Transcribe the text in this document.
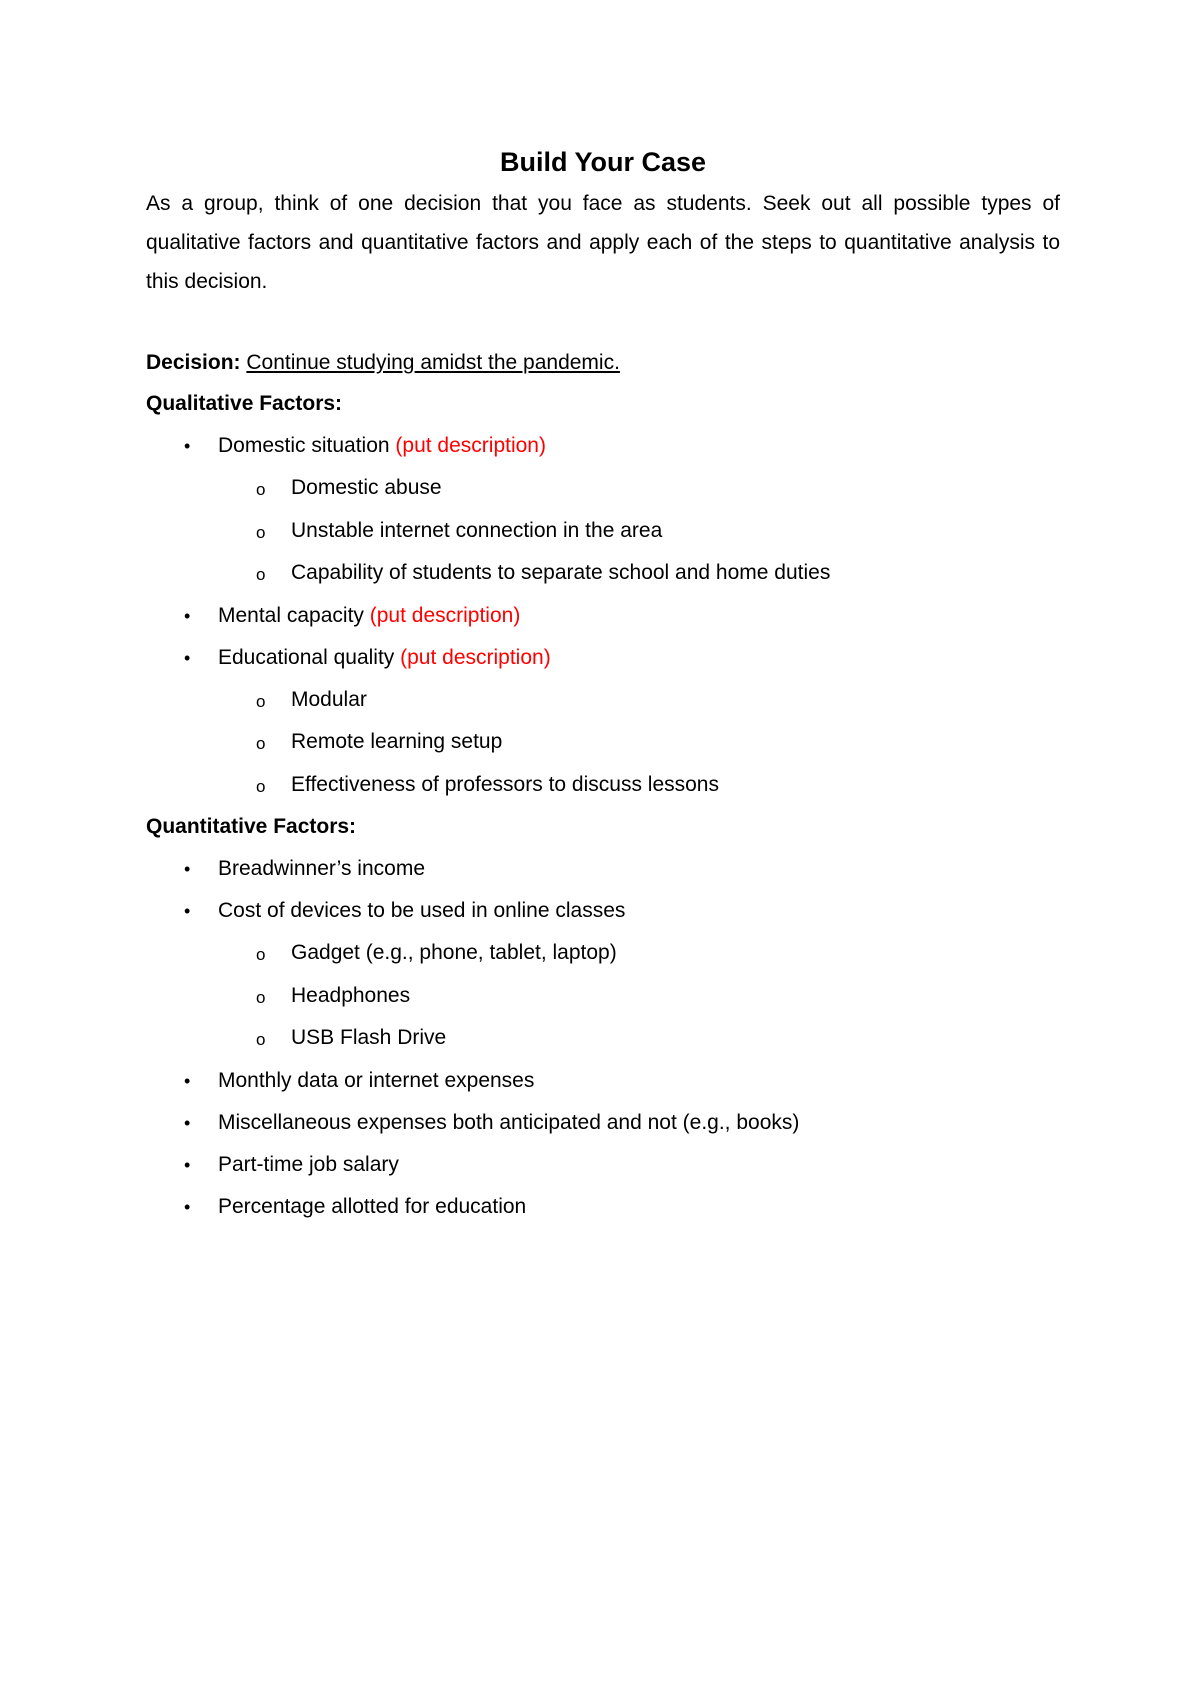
Build Your Case

As a group, think of one decision that you face as students. Seek out all possible types of qualitative factors and quantitative factors and apply each of the steps to quantitative analysis to this decision.

Decision: Continue studying amidst the pandemic.

Qualitative Factors:

• Domestic situation (put description)
o Domestic abuse
o Unstable internet connection in the area
o Capability of students to separate school and home duties
• Mental capacity (put description)
• Educational quality (put description)
o Modular
o Remote learning setup
o Effectiveness of professors to discuss lessons

Quantitative Factors:

• Breadwinner’s income
• Cost of devices to be used in online classes
o Gadget (e.g., phone, tablet, laptop)
o Headphones
o USB Flash Drive
• Monthly data or internet expenses
• Miscellaneous expenses both anticipated and not (e.g., books)
• Part-time job salary
• Percentage allotted for education
